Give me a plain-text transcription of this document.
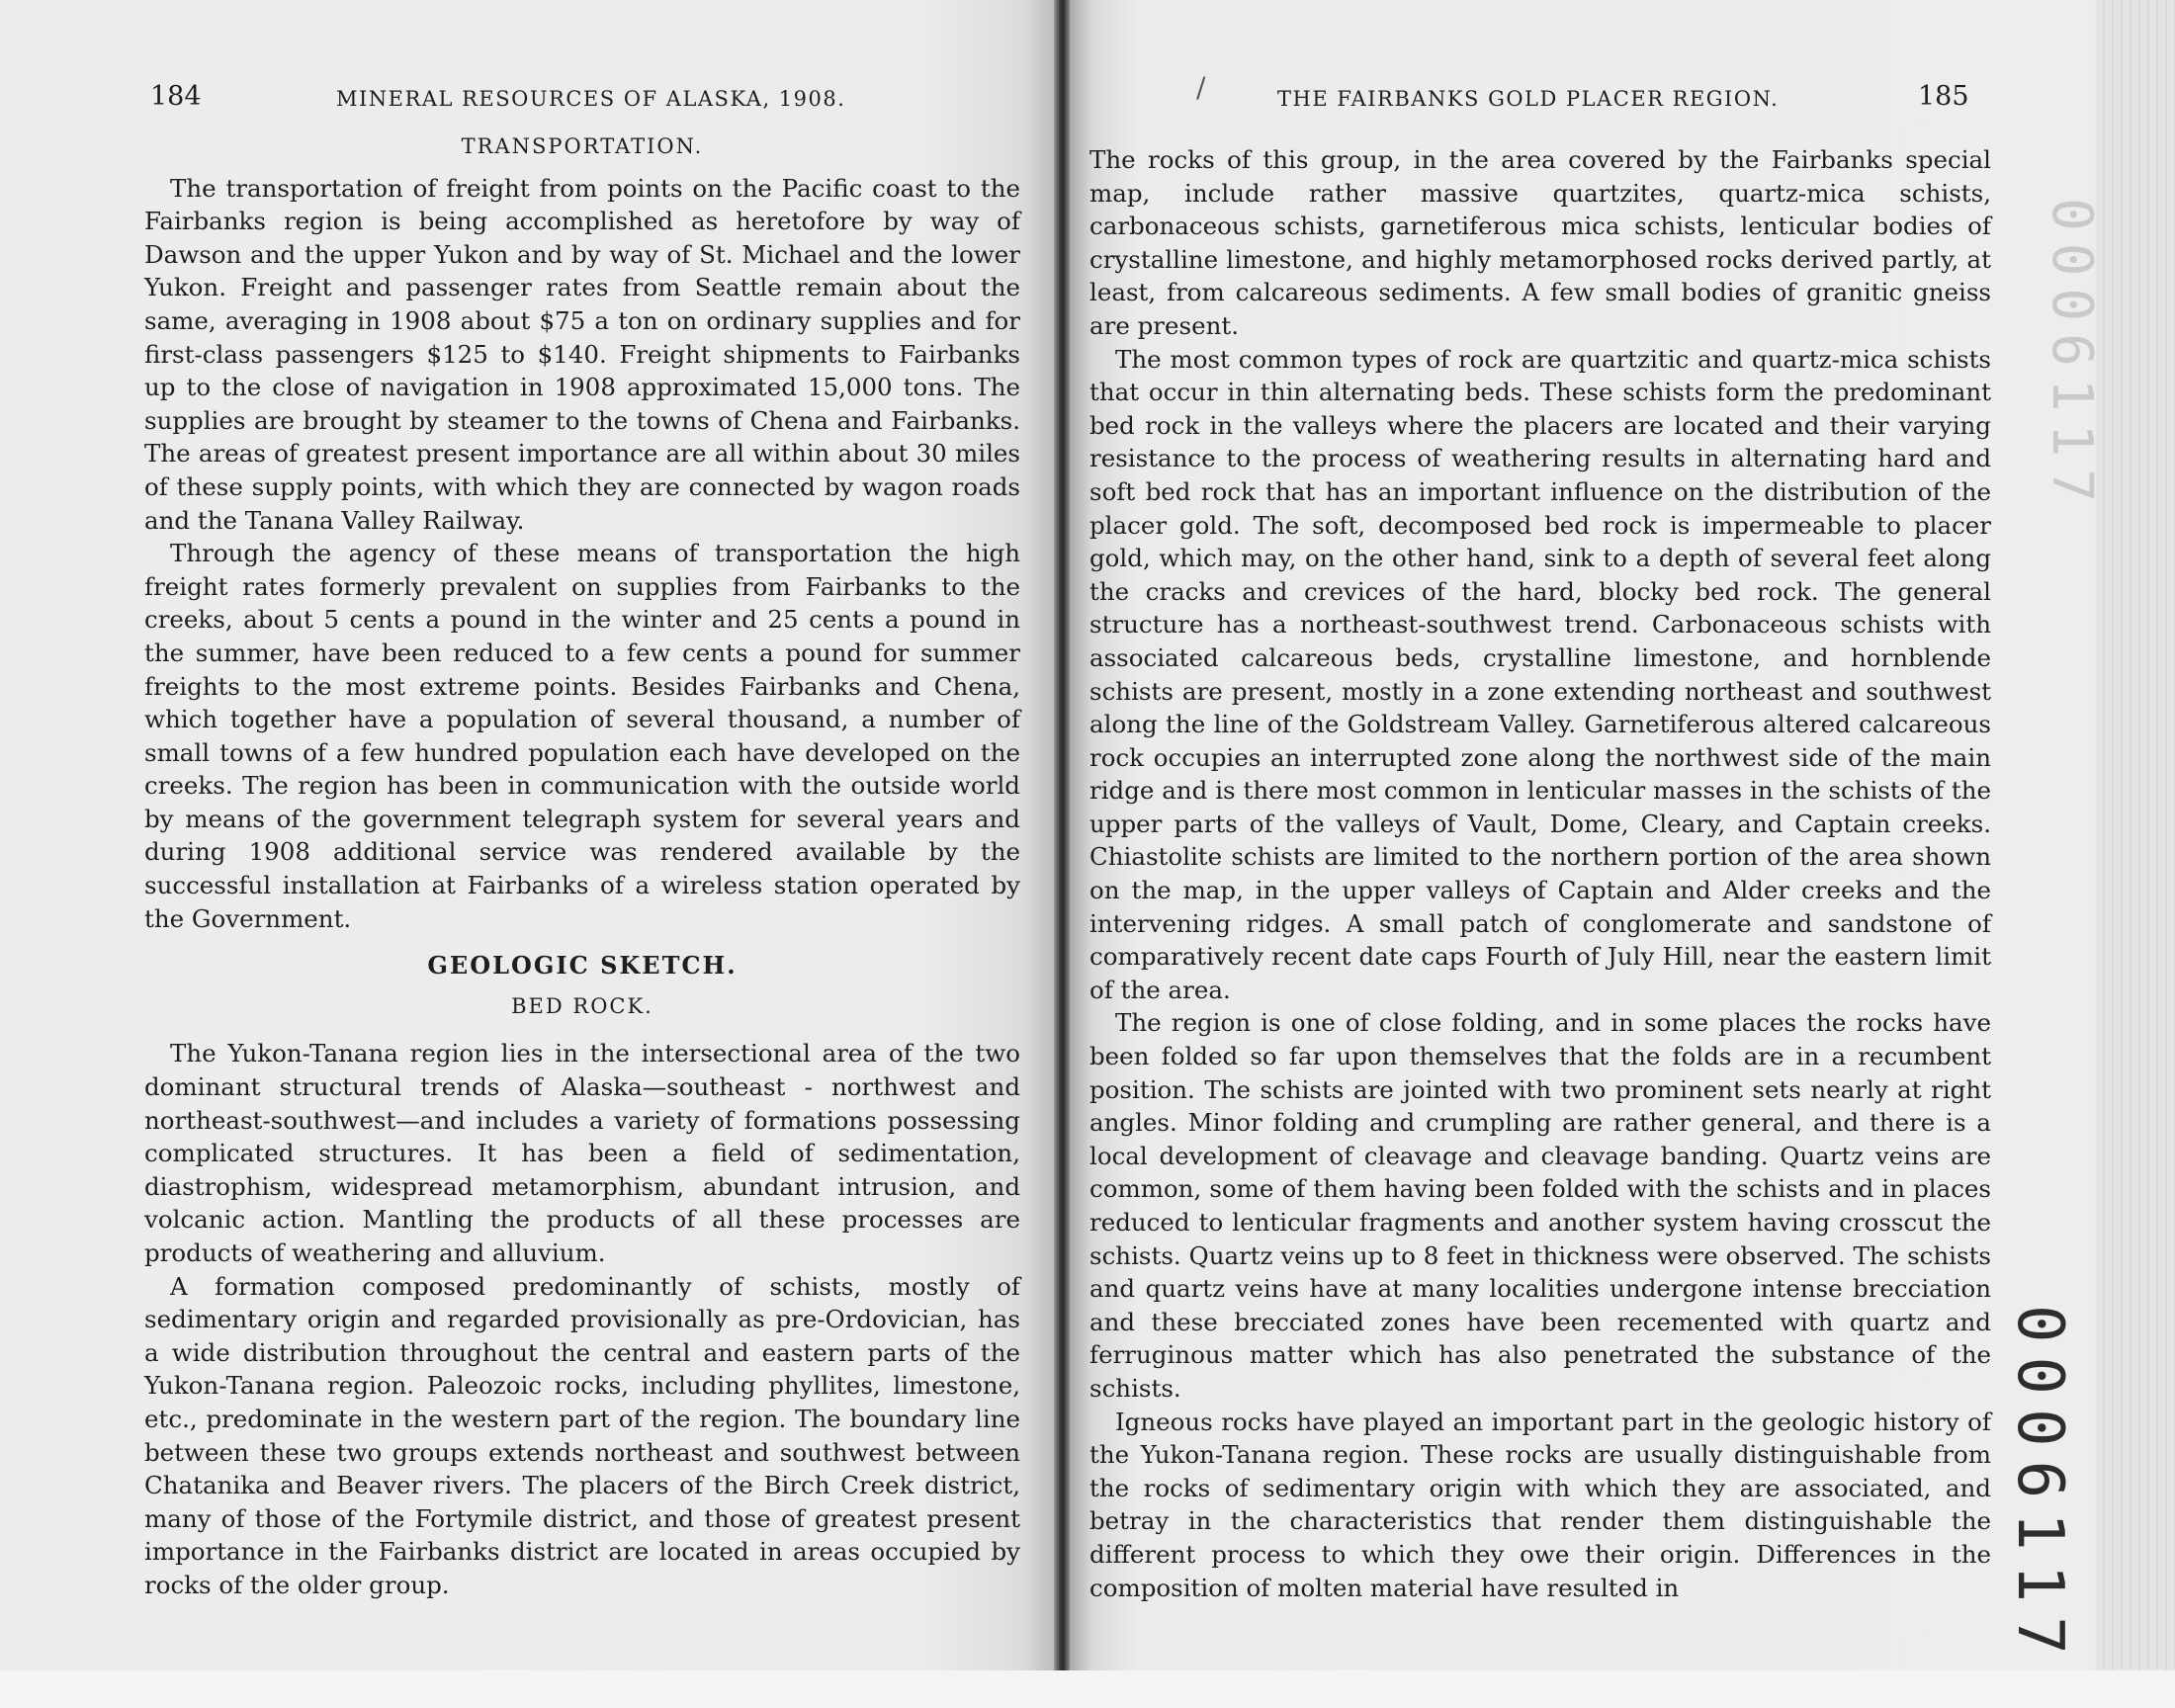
184	MINERAL RESOURCES OF ALASKA, 1908.
TRANSPORTATION.

The transportation of freight from points on the Pacific coast to the Fairbanks region is being accomplished as heretofore by way of Dawson and the upper Yukon and by way of St. Michael and the lower Yukon. Freight and passenger rates from Seattle remain about the same, averaging in 1908 about $75 a ton on ordinary supplies and for first-class passengers $125 to $140. Freight shipments to Fairbanks up to the close of navigation in 1908 approximated 15,000 tons. The supplies are brought by steamer to the towns of Chena and Fairbanks. The areas of greatest present importance are all within about 30 miles of these supply points, with which they are connected by wagon roads and the Tanana Valley Railway.

Through the agency of these means of transportation the high freight rates formerly prevalent on supplies from Fairbanks to the creeks, about 5 cents a pound in the winter and 25 cents a pound in the summer, have been reduced to a few cents a pound for summer freights to the most extreme points. Besides Fairbanks and Chena, which together have a population of several thousand, a number of small towns of a few hundred population each have developed on the creeks. The region has been in communication with the outside world by means of the government telegraph system for several years and during 1908 additional service was rendered available by the successful installation at Fairbanks of a wireless station operated by the Government.

GEOLOGIC SKETCH.
BED ROCK.

The Yukon-Tanana region lies in the intersectional area of the two dominant structural trends of Alaska—southeast - northwest and northeast-southwest—and includes a variety of formations possessing complicated structures. It has been a field of sedimentation, diastrophism, widespread metamorphism, abundant intrusion, and volcanic action. Mantling the products of all these processes are products of weathering and alluvium.

A formation composed predominantly of schists, mostly of sedimentary origin and regarded provisionally as pre-Ordovician, has a wide distribution throughout the central and eastern parts of the Yukon-Tanana region. Paleozoic rocks, including phyllites, limestone, etc., predominate in the western part of the region. The boundary line between these two groups extends northeast and southwest between Chatanika and Beaver rivers. The placers of the Birch Creek district, many of those of the Fortymile district, and those of greatest present importance in the Fairbanks district are located in areas occupied by rocks of the older group.

∕	THE FAIRBANKS GOLD PLACER REGION.	185

The rocks of this group, in the area covered by the Fairbanks special map, include rather massive quartzites, quartz-mica schists, carbonaceous schists, garnetiferous mica schists, lenticular bodies of crystalline limestone, and highly metamorphosed rocks derived partly, at least, from calcareous sediments. A few small bodies of granitic gneiss are present.

The most common types of rock are quartzitic and quartz-mica schists that occur in thin alternating beds. These schists form the predominant bed rock in the valleys where the placers are located and their varying resistance to the process of weathering results in alternating hard and soft bed rock that has an important influence on the distribution of the placer gold. The soft, decomposed bed rock is impermeable to placer gold, which may, on the other hand, sink to a depth of several feet along the cracks and crevices of the hard, blocky bed rock. The general structure has a northeast-southwest trend. Carbonaceous schists with associated calcareous beds, crystalline limestone, and hornblende schists are present, mostly in a zone extending northeast and southwest along the line of the Goldstream Valley. Garnetiferous altered calcareous rock occupies an interrupted zone along the northwest side of the main ridge and is there most common in lenticular masses in the schists of the upper parts of the valleys of Vault, Dome, Cleary, and Captain creeks. Chiastolite schists are limited to the northern portion of the area shown on the map, in the upper valleys of Captain and Alder creeks and the intervening ridges. A small patch of conglomerate and sandstone of comparatively recent date caps Fourth of July Hill, near the eastern limit of the area.

The region is one of close folding, and in some places the rocks have been folded so far upon themselves that the folds are in a recumbent position. The schists are jointed with two prominent sets nearly at right angles. Minor folding and crumpling are rather general, and there is a local development of cleavage and cleavage banding. Quartz veins are common, some of them having been folded with the schists and in places reduced to lenticular fragments and another system having crosscut the schists. Quartz veins up to 8 feet in thickness were observed. The schists and quartz veins have at many localities undergone intense brecciation and these brecciated zones have been recemented with quartz and ferruginous matter which has also penetrated the substance of the schists.

Igneous rocks have played an important part in the geologic history of the Yukon-Tanana region. These rocks are usually distinguishable from the rocks of sedimentary origin with which they are associated, and betray in the characteristics that render them distinguishable the different process to which they owe their origin. Differences in the composition of molten material have resulted in

0006117
0006117
